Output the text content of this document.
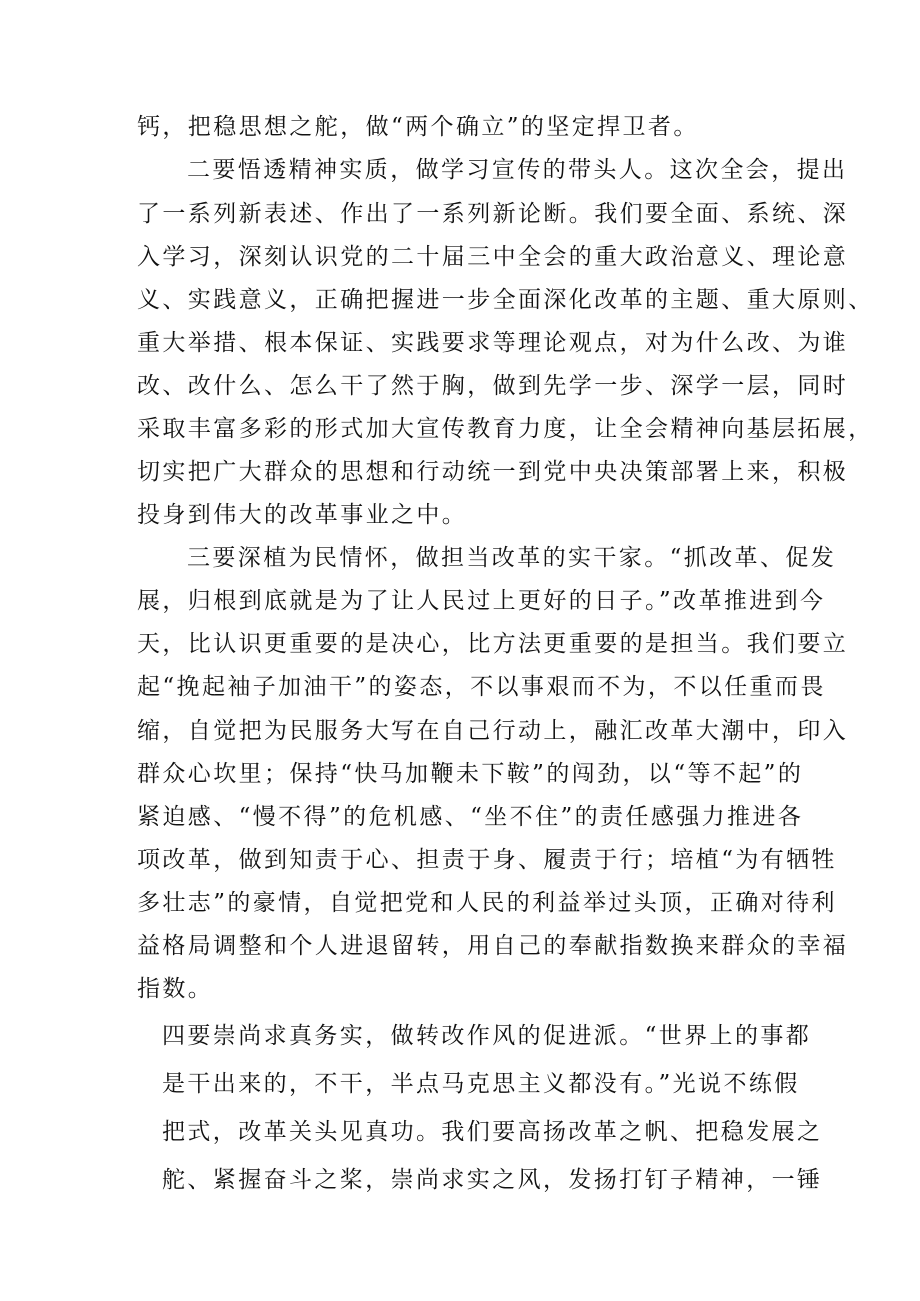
钙，把稳思想之舵，做“两个确立”的坚定捍卫者。

二要悟透精神实质，做学习宣传的带头人。这次全会，提出

了一系列新表述、作出了一系列新论断。我们要全面、系统、深

入学习，深刻认识党的二十届三中全会的重大政治意义、理论意

义、实践意义，正确把握进一步全面深化改革的主题、重大原则、

重大举措、根本保证、实践要求等理论观点，对为什么改、为谁

改、改什么、怎么干了然于胸，做到先学一步、深学一层，同时

采取丰富多彩的形式加大宣传教育力度，让全会精神向基层拓展，

切实把广大群众的思想和行动统一到党中央决策部署上来，积极

投身到伟大的改革事业之中。

三要深植为民情怀，做担当改革的实干家。“抓改革、促发

展，归根到底就是为了让人民过上更好的日子。”改革推进到今

天，比认识更重要的是决心，比方法更重要的是担当。我们要立

起“挽起袖子加油干”的姿态，不以事艰而不为，不以任重而畏

缩，自觉把为民服务大写在自己行动上，融汇改革大潮中，印入

群众心坎里；保持“快马加鞭未下鞍”的闯劲，以“等不起”的

紧迫感、“慢不得”的危机感、“坐不住”的责任感强力推进各

项改革，做到知责于心、担责于身、履责于行；培植“为有牺牲

多壮志”的豪情，自觉把党和人民的利益举过头顶，正确对待利

益格局调整和个人进退留转，用自己的奉献指数换来群众的幸福

指数。

四要崇尚求真务实，做转改作风的促进派。“世界上的事都

是干出来的，不干，半点马克思主义都没有。”光说不练假

把式，改革关头见真功。我们要高扬改革之帆、把稳发展之

舵、紧握奋斗之桨，崇尚求实之风，发扬打钉子精神，一锤
